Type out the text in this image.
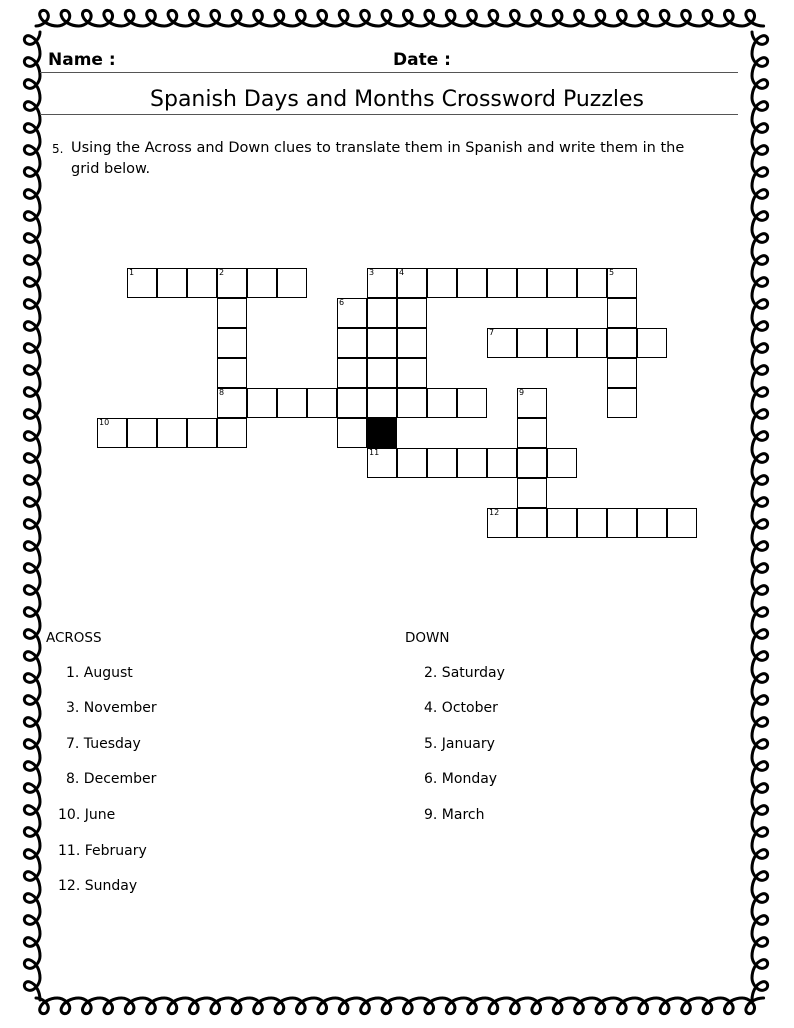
Name :	Date :
Spanish Days and Months Crossword Puzzles
5. Using the Across and Down clues to translate them in Spanish and write them in the grid below.
1	2	3	4
7
8
10
11
12
5
6
9
ACROSS	DOWN
1. August
3. November
7. Tuesday
8. December
10. June
11. February
12. Sunday
2. Saturday
4. October
5. January
6. Monday
9. March
